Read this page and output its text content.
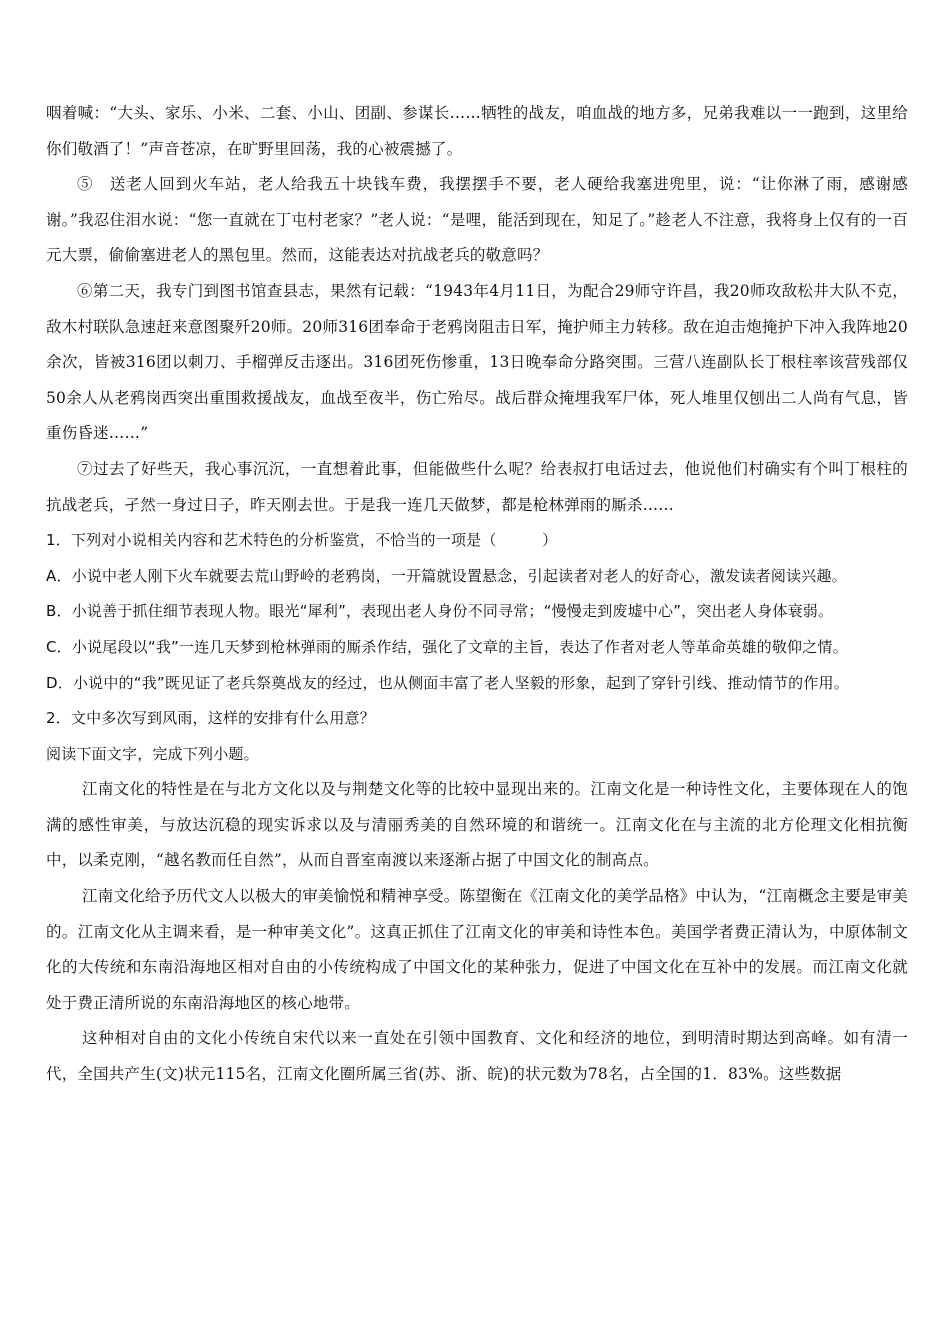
咽着喊：“大头、家乐、小米、二套、小山、团副、参谋长……牺牲的战友，咱血战的地方多，兄弟我难以一一跑到，这里给你们敬酒了！”声音苍凉，在旷野里回荡，我的心被震撼了。

⑤　送老人回到火车站，老人给我五十块钱车费，我摆摆手不要，老人硬给我塞进兜里，说：“让你淋了雨，感谢感谢。”我忍住泪水说：“您一直就在丁屯村老家？”老人说：“是哩，能活到现在，知足了。”趁老人不注意，我将身上仅有的一百元大票，偷偷塞进老人的黑包里。然而，这能表达对抗战老兵的敬意吗？

⑥第二天，我专门到图书馆查县志，果然有记载：“1943年4月11日，为配合29师守许昌，我20师攻敌松井大队不克，敌木村联队急速赶来意图聚歼20师。20师316团奉命于老鸦岗阻击日军，掩护师主力转移。敌在迫击炮掩护下冲入我阵地20余次，皆被316团以刺刀、手榴弹反击逐出。316团死伤惨重，13日晚奉命分路突围。三营八连副队长丁根柱率该营残部仅50余人从老鸦岗西突出重围救援战友，血战至夜半，伤亡殆尽。战后群众掩埋我军尸体，死人堆里仅刨出二人尚有气息，皆重伤昏迷……”

⑦过去了好些天，我心事沉沉，一直想着此事，但能做些什么呢？给表叔打电话过去，他说他们村确实有个叫丁根柱的抗战老兵，孑然一身过日子，昨天刚去世。于是我一连几天做梦，都是枪林弹雨的厮杀……

1．下列对小说相关内容和艺术特色的分析鉴赏，不恰当的一项是（　　　）

A．小说中老人刚下火车就要去荒山野岭的老鸦岗，一开篇就设置悬念，引起读者对老人的好奇心，激发读者阅读兴趣。

B．小说善于抓住细节表现人物。眼光“犀利”，表现出老人身份不同寻常；“慢慢走到废墟中心”，突出老人身体衰弱。

C．小说尾段以“我”一连几天梦到枪林弹雨的厮杀作结，强化了文章的主旨，表达了作者对老人等革命英雄的敬仰之情。

D．小说中的“我”既见证了老兵祭奠战友的经过，也从侧面丰富了老人坚毅的形象，起到了穿针引线、推动情节的作用。

2．文中多次写到风雨，这样的安排有什么用意？

阅读下面文字，完成下列小题。

江南文化的特性是在与北方文化以及与荆楚文化等的比较中显现出来的。江南文化是一种诗性文化，主要体现在人的饱满的感性审美，与放达沉稳的现实诉求以及与清丽秀美的自然环境的和谐统一。江南文化在与主流的北方伦理文化相抗衡中，以柔克刚，“越名教而任自然”，从而自晋室南渡以来逐渐占据了中国文化的制高点。

江南文化给予历代文人以极大的审美愉悦和精神享受。陈望衡在《江南文化的美学品格》中认为，“江南概念主要是审美的。江南文化从主调来看，是一种审美文化”。这真正抓住了江南文化的审美和诗性本色。美国学者费正清认为，中原体制文化的大传统和东南沿海地区相对自由的小传统构成了中国文化的某种张力，促进了中国文化在互补中的发展。而江南文化就处于费正清所说的东南沿海地区的核心地带。

这种相对自由的文化小传统自宋代以来一直处在引领中国教育、文化和经济的地位，到明清时期达到高峰。如有清一代，全国共产生(文)状元115名，江南文化圈所属三省(苏、浙、皖)的状元数为78名，占全国的1．83%。这些数据
